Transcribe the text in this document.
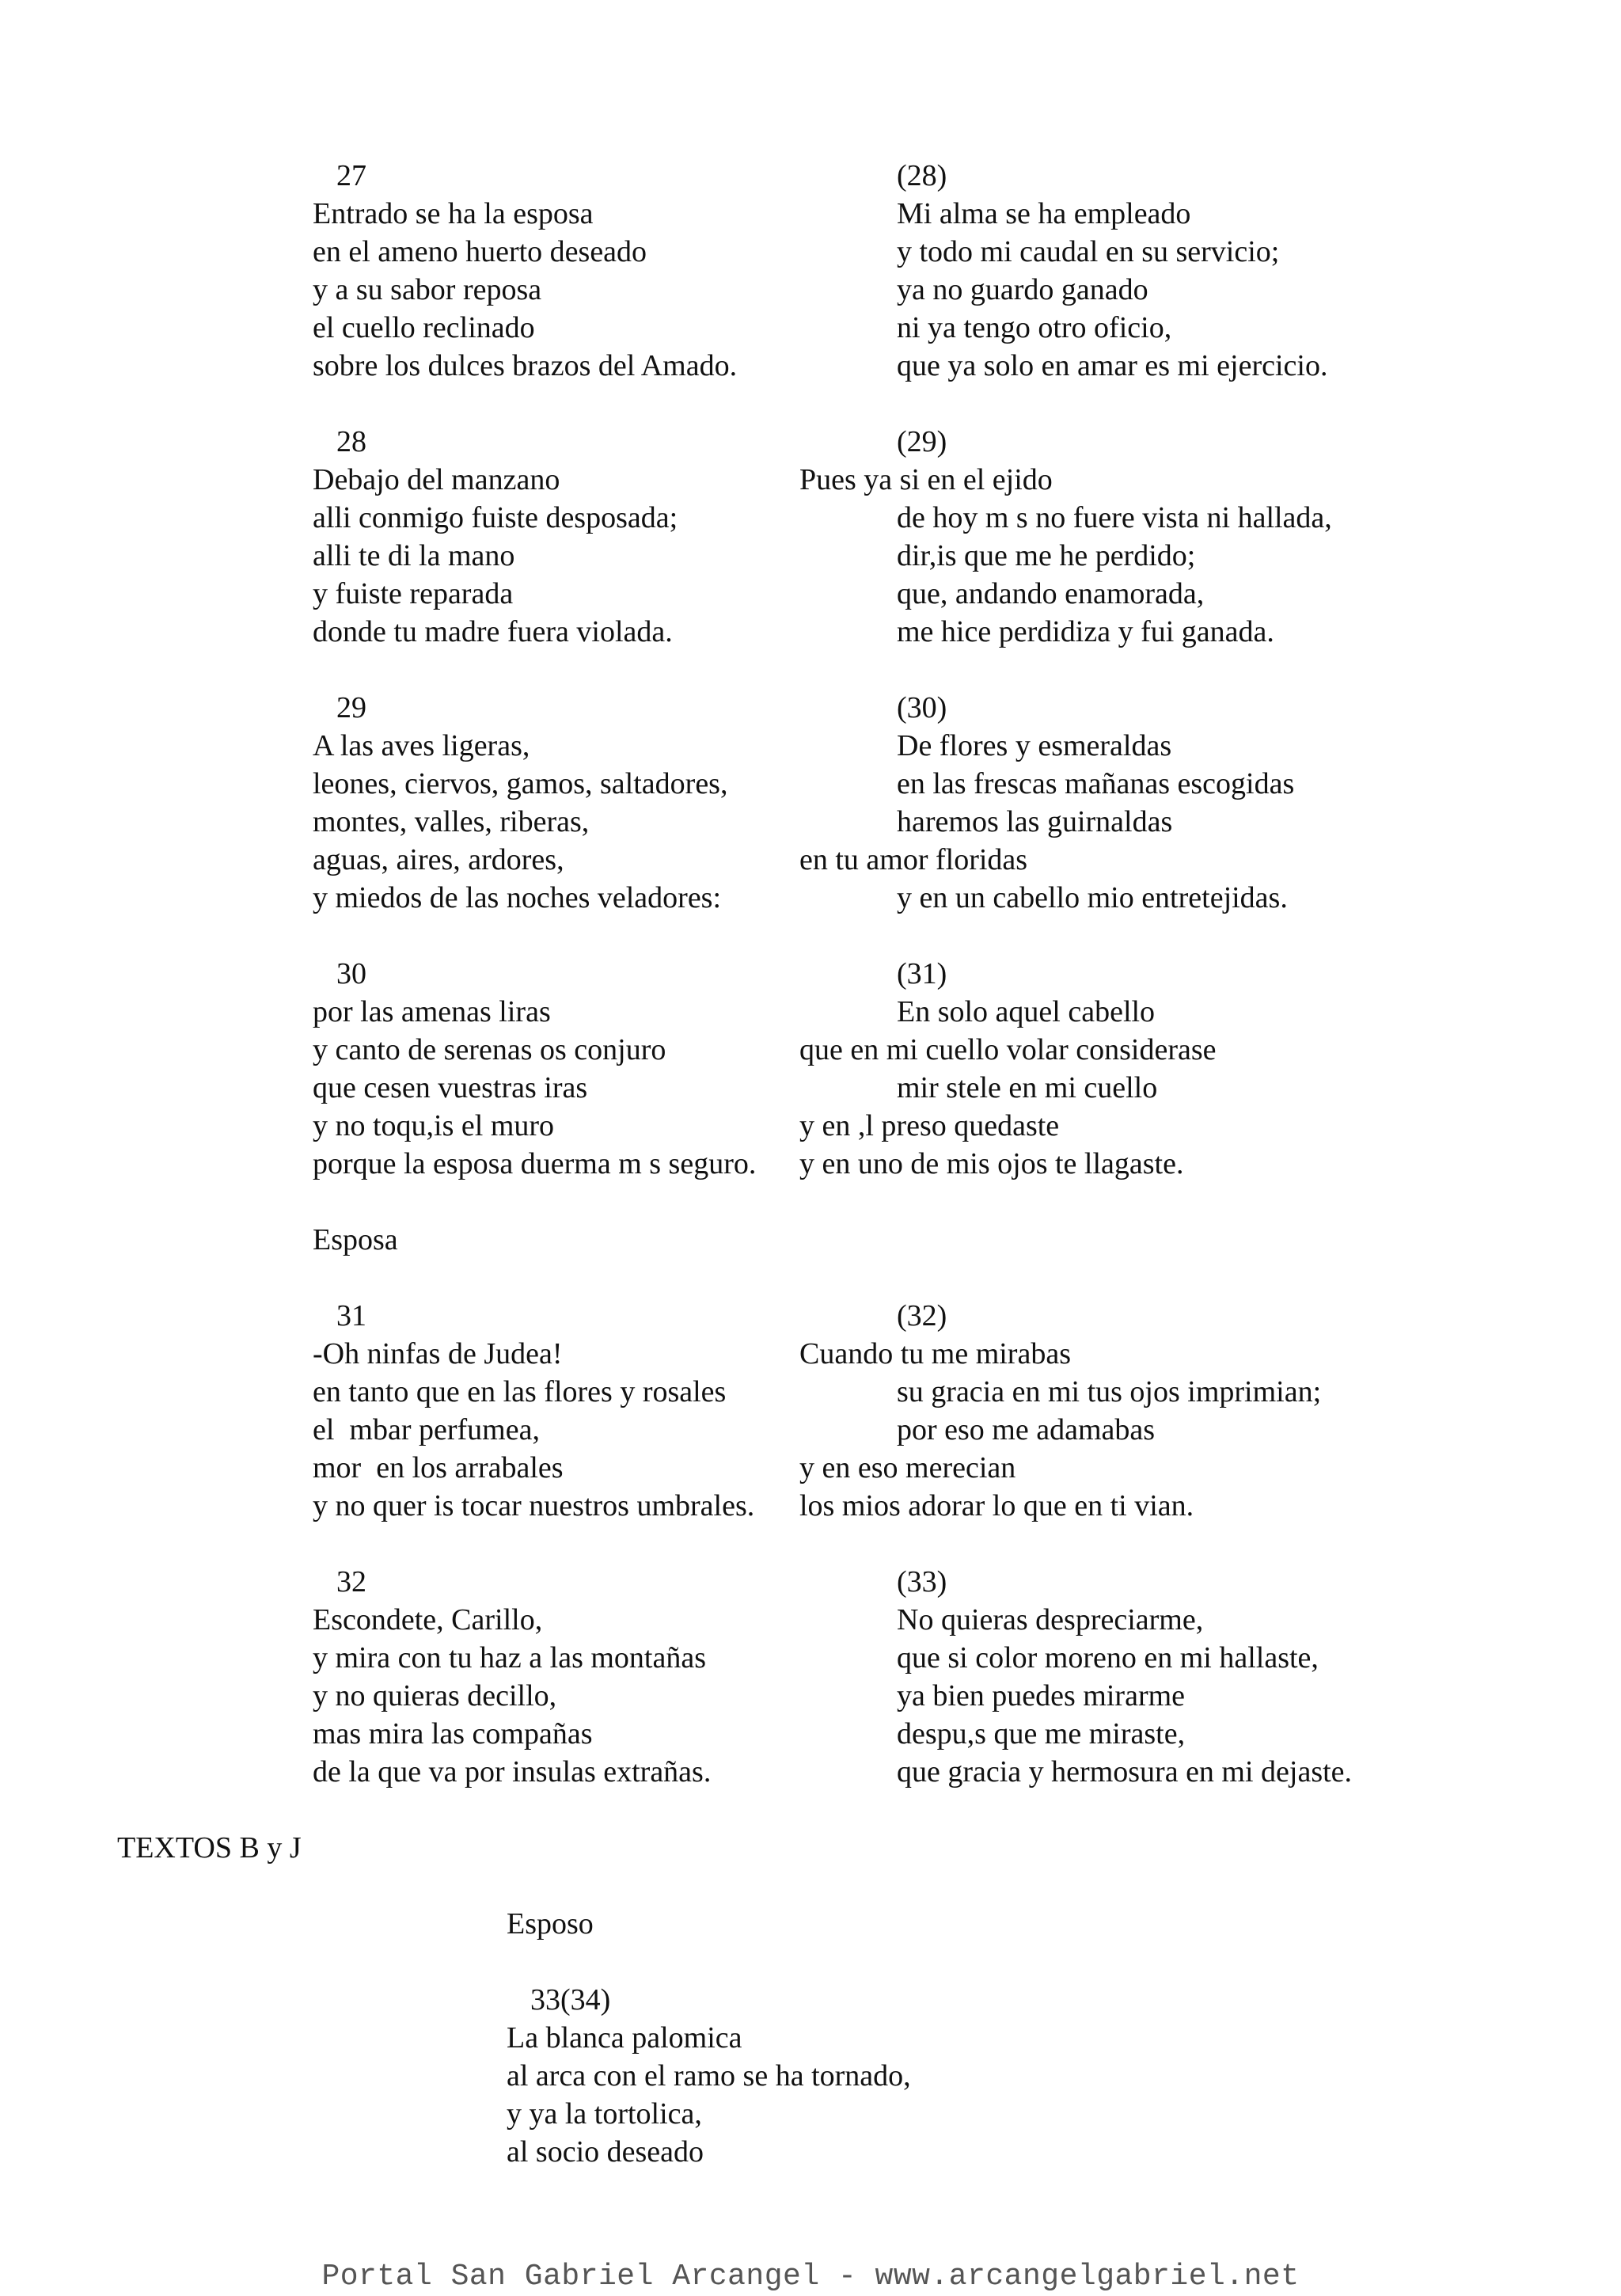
27
Entrado se ha la esposa
en el ameno huerto deseado
y a su sabor reposa
el cuello reclinado
sobre los dulces brazos del Amado.
(28)
Mi alma se ha empleado
y todo mi caudal en su servicio;
ya no guardo ganado
ni ya tengo otro oficio,
que ya solo en amar es mi ejercicio.
28
Debajo del manzano
alli conmigo fuiste desposada;
alli te di la mano
y fuiste reparada
donde tu madre fuera violada.
(29)
Pues ya si en el ejido
de hoy m s no fuere vista ni hallada,
dir,is que me he perdido;
que, andando enamorada,
me hice perdidiza y fui ganada.
29
A las aves ligeras,
leones, ciervos, gamos, saltadores,
montes, valles, riberas,
aguas, aires, ardores,
y miedos de las noches veladores:
(30)
De flores y esmeraldas
en las frescas mañanas escogidas
haremos las guirnaldas
en tu amor floridas
y en un cabello mio entretejidas.
30
por las amenas liras
y canto de serenas os conjuro
que cesen vuestras iras
y no toqu,is el muro
porque la esposa duerma m s seguro.
(31)
En solo aquel cabello
que en mi cuello volar considerase
mir stele en mi cuello
y en ,l preso quedaste
y en uno de mis ojos te llagaste.
Esposa
31
-Oh ninfas de Judea!
en tanto que en las flores y rosales
el  mbar perfumea,
mor  en los arrabales
y no quer is tocar nuestros umbrales.
(32)
Cuando tu me mirabas
su gracia en mi tus ojos imprimian;
por eso me adamabas
y en eso merecian
los mios adorar lo que en ti vian.
32
Escondete, Carillo,
y mira con tu haz a las montañas
y no quieras decillo,
mas mira las compañas
de la que va por insulas extrañas.
(33)
No quieras despreciarme,
que si color moreno en mi hallaste,
ya bien puedes mirarme
despu,s que me miraste,
que gracia y hermosura en mi dejaste.
TEXTOS B y J
Esposo
33(34)
La blanca palomica
al arca con el ramo se ha tornado,
y ya la tortolica,
al socio deseado
Portal San Gabriel Arcangel - www.arcangelgabriel.net
